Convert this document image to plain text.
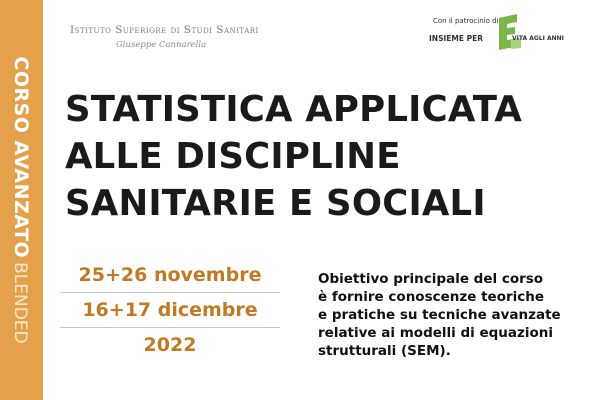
CORSO AVANZATOBLENDED
Istituto Superiore di Studi Sanitari
Giuseppe Cannarella
Con il patrocinio di
INSIEME PER	VITA AGLI ANNI
STATISTICA APPLICATA
ALLE DISCIPLINE
SANITARIE E SOCIALI
25+26 novembre
16+17 dicembre
2022
Obiettivo principale del corso
è fornire conoscenze teoriche
e pratiche su tecniche avanzate
relative ai modelli di equazioni
strutturali (SEM).
